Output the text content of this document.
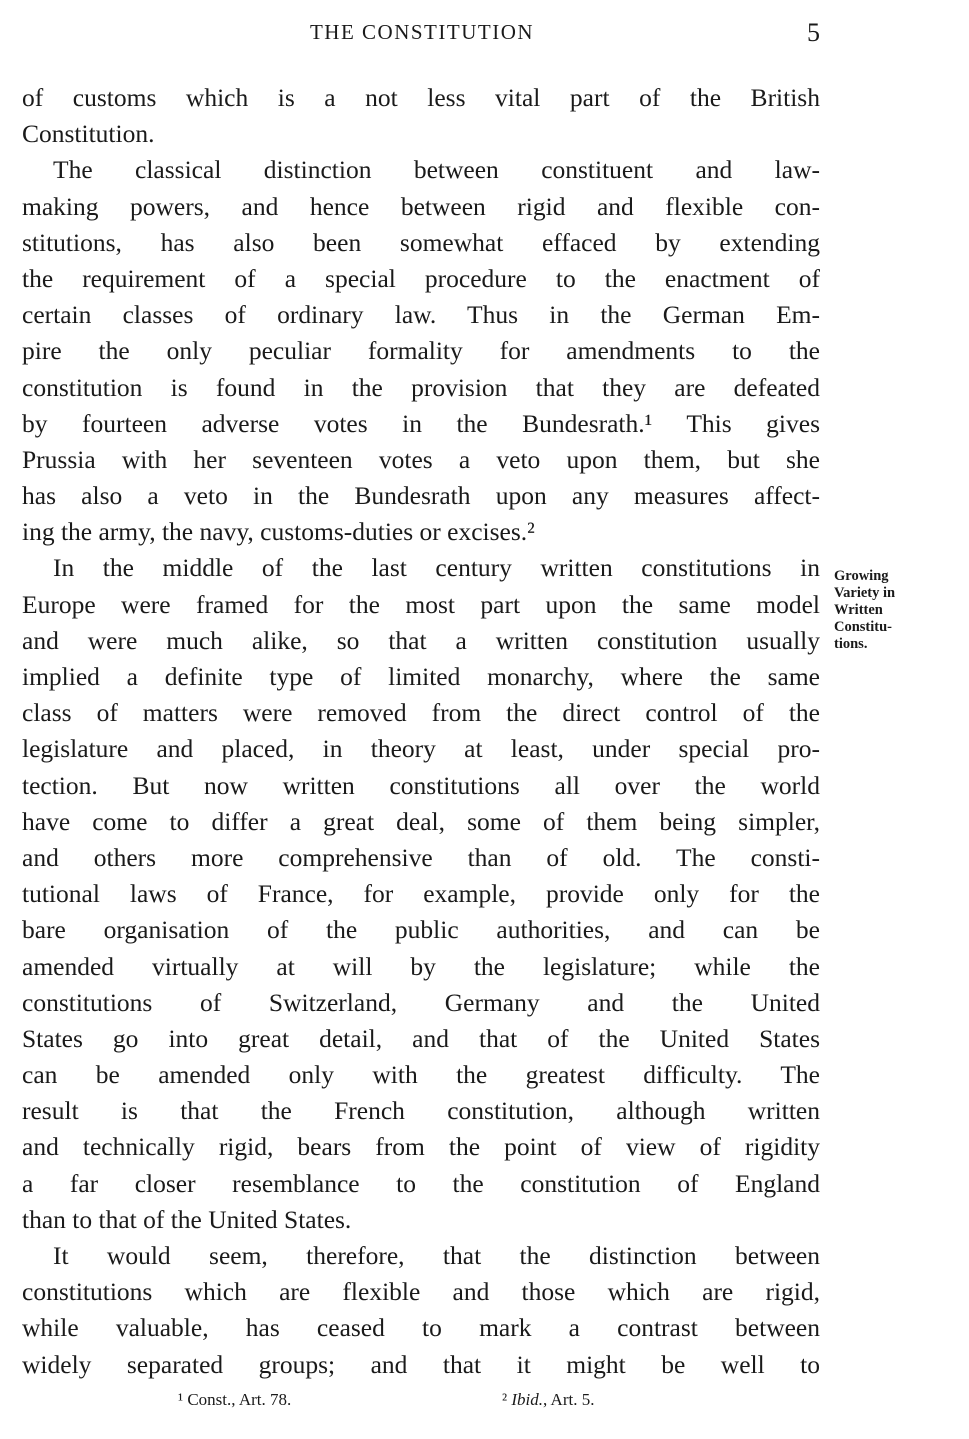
THE CONSTITUTION	5
of customs which is a not less vital part of the British
Constitution.
The classical distinction between constituent and law-
making powers, and hence between rigid and flexible con-
stitutions, has also been somewhat effaced by extending
the requirement of a special procedure to the enactment of
certain classes of ordinary law. Thus in the German Em-
pire the only peculiar formality for amendments to the
constitution is found in the provision that they are defeated
by fourteen adverse votes in the Bundesrath.¹ This gives
Prussia with her seventeen votes a veto upon them, but she
has also a veto in the Bundesrath upon any measures affect-
ing the army, the navy, customs-duties or excises.²
In the middle of the last century written constitutions in
Europe were framed for the most part upon the same model
and were much alike, so that a written constitution usually
implied a definite type of limited monarchy, where the same
class of matters were removed from the direct control of the
legislature and placed, in theory at least, under special pro-
tection. But now written constitutions all over the world
have come to differ a great deal, some of them being simpler,
and others more comprehensive than of old. The consti-
tutional laws of France, for example, provide only for the
bare organisation of the public authorities, and can be
amended virtually at will by the legislature; while the
constitutions of Switzerland, Germany and the United
States go into great detail, and that of the United States
can be amended only with the greatest difficulty. The
result is that the French constitution, although written
and technically rigid, bears from the point of view of rigidity
a far closer resemblance to the constitution of England
than to that of the United States.
It would seem, therefore, that the distinction between
constitutions which are flexible and those which are rigid,
while valuable, has ceased to mark a contrast between
widely separated groups; and that it might be well to
Growing
Variety in
Written
Constitu-
tions.
¹ Const., Art. 78.	² Ibid., Art. 5.
